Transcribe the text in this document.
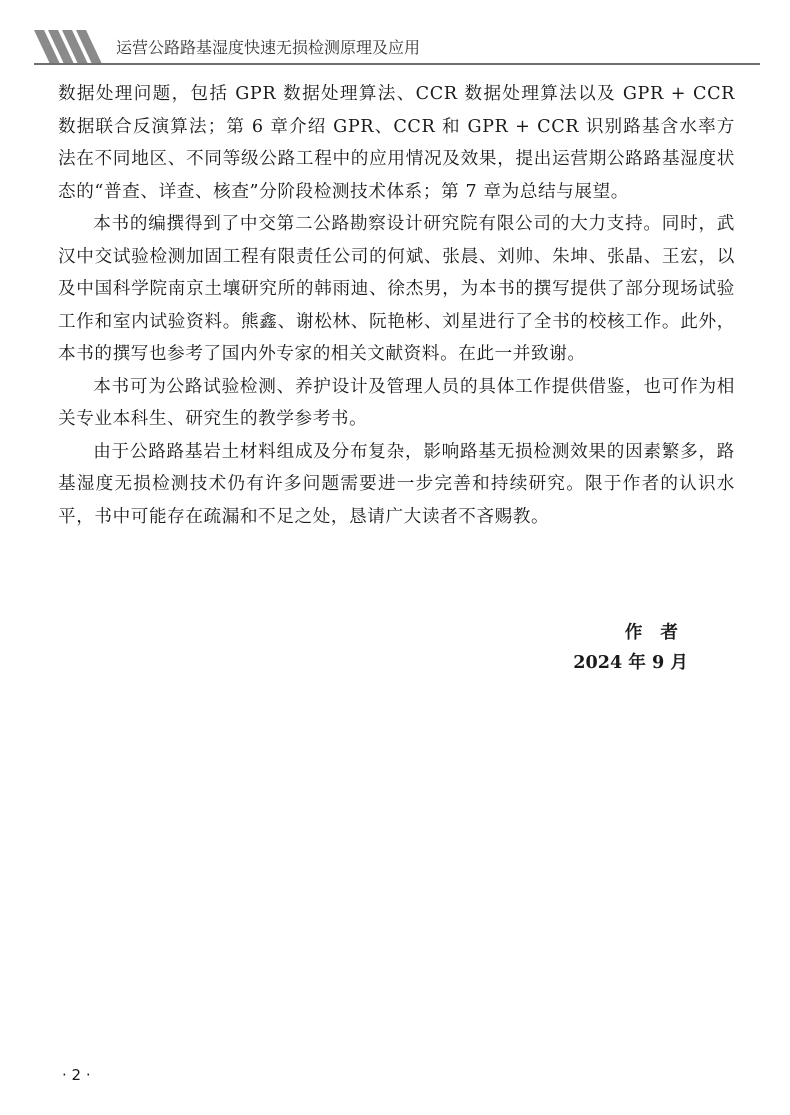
运营公路路基湿度快速无损检测原理及应用

数据处理问题，包括 GPR 数据处理算法、CCR 数据处理算法以及 GPR + CCR 数据联合反演算法；第 6 章介绍 GPR、CCR 和 GPR + CCR 识别路基含水率方法在不同地区、不同等级公路工程中的应用情况及效果，提出运营期公路路基湿度状态的“普查、详查、核查”分阶段检测技术体系；第 7 章为总结与展望。

本书的编撰得到了中交第二公路勘察设计研究院有限公司的大力支持。同时，武汉中交试验检测加固工程有限责任公司的何斌、张晨、刘帅、朱坤、张晶、王宏，以及中国科学院南京土壤研究所的韩雨迪、徐杰男，为本书的撰写提供了部分现场试验工作和室内试验资料。熊鑫、谢松林、阮艳彬、刘星进行了全书的校核工作。此外，本书的撰写也参考了国内外专家的相关文献资料。在此一并致谢。

本书可为公路试验检测、养护设计及管理人员的具体工作提供借鉴，也可作为相关专业本科生、研究生的教学参考书。

由于公路路基岩土材料组成及分布复杂，影响路基无损检测效果的因素繁多，路基湿度无损检测技术仍有许多问题需要进一步完善和持续研究。限于作者的认识水平，书中可能存在疏漏和不足之处，恳请广大读者不吝赐教。

作者
2024 年 9 月
· 2 ·
